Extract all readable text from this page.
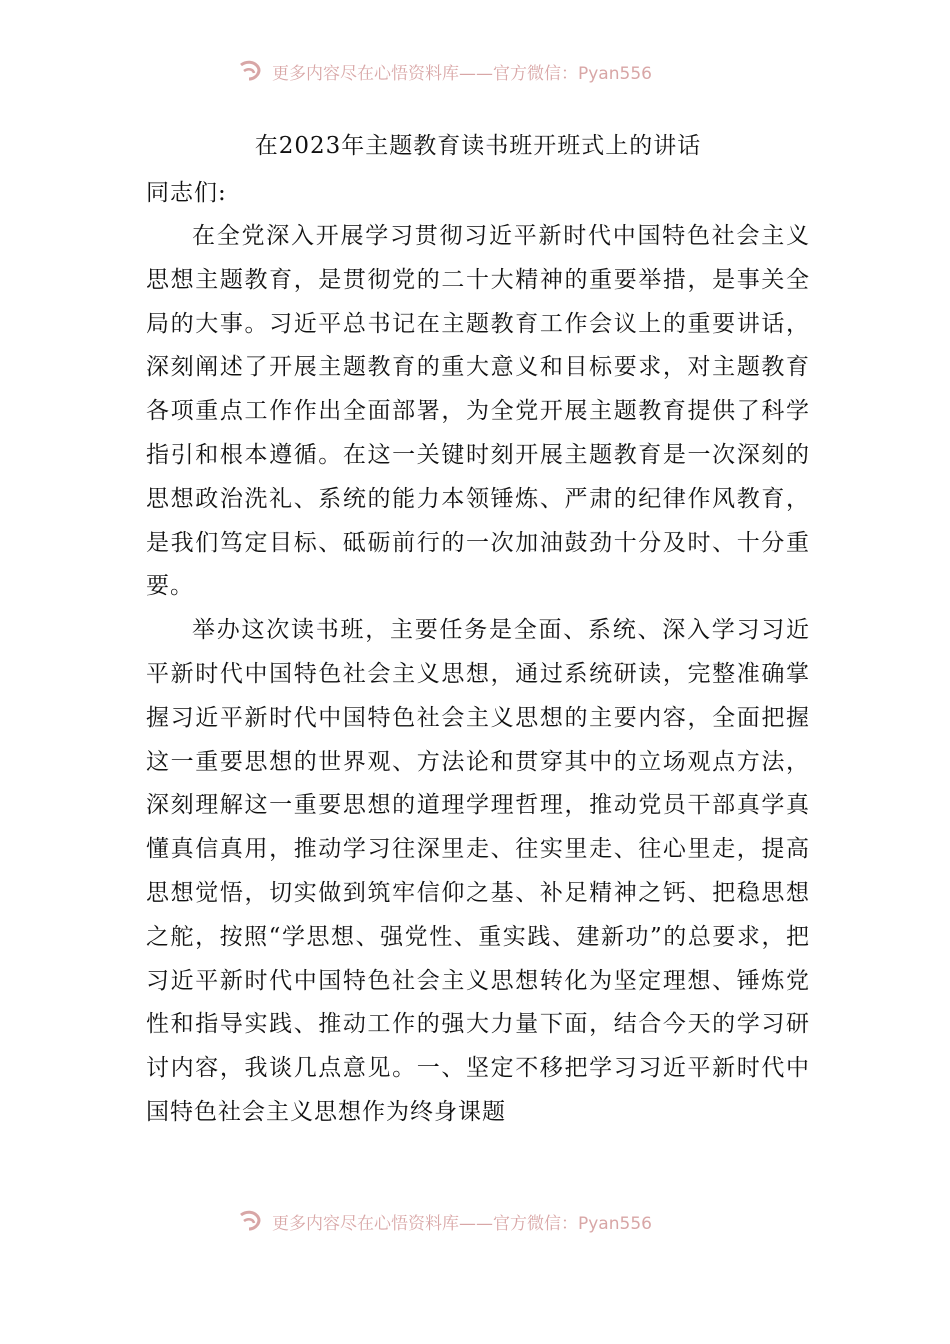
更多内容尽在心悟资料库——官方微信：Pyan556
在2023年主题教育读书班开班式上的讲话

同志们:

在全党深入开展学习贯彻习近平新时代中国特色社会主义思想主题教育，是贯彻党的二十大精神的重要举措，是事关全局的大事。习近平总书记在主题教育工作会议上的重要讲话，深刻阐述了开展主题教育的重大意义和目标要求，对主题教育各项重点工作作出全面部署，为全党开展主题教育提供了科学指引和根本遵循。在这一关键时刻开展主题教育是一次深刻的思想政治洗礼、系统的能力本领锤炼、严肃的纪律作风教育，是我们笃定目标、砥砺前行的一次加油鼓劲十分及时、十分重要。

举办这次读书班，主要任务是全面、系统、深入学习习近平新时代中国特色社会主义思想，通过系统研读，完整准确掌握习近平新时代中国特色社会主义思想的主要内容，全面把握这一重要思想的世界观、方法论和贯穿其中的立场观点方法，深刻理解这一重要思想的道理学理哲理，推动党员干部真学真懂真信真用，推动学习往深里走、往实里走、往心里走，提高思想觉悟，切实做到筑牢信仰之基、补足精神之钙、把稳思想之舵，按照“学思想、强党性、重实践、建新功”的总要求，把习近平新时代中国特色社会主义思想转化为坚定理想、锤炼党性和指导实践、推动工作的强大力量下面，结合今天的学习研讨内容，我谈几点意见。一、坚定不移把学习习近平新时代中国特色社会主义思想作为终身课题

更多内容尽在心悟资料库——官方微信：Pyan556
